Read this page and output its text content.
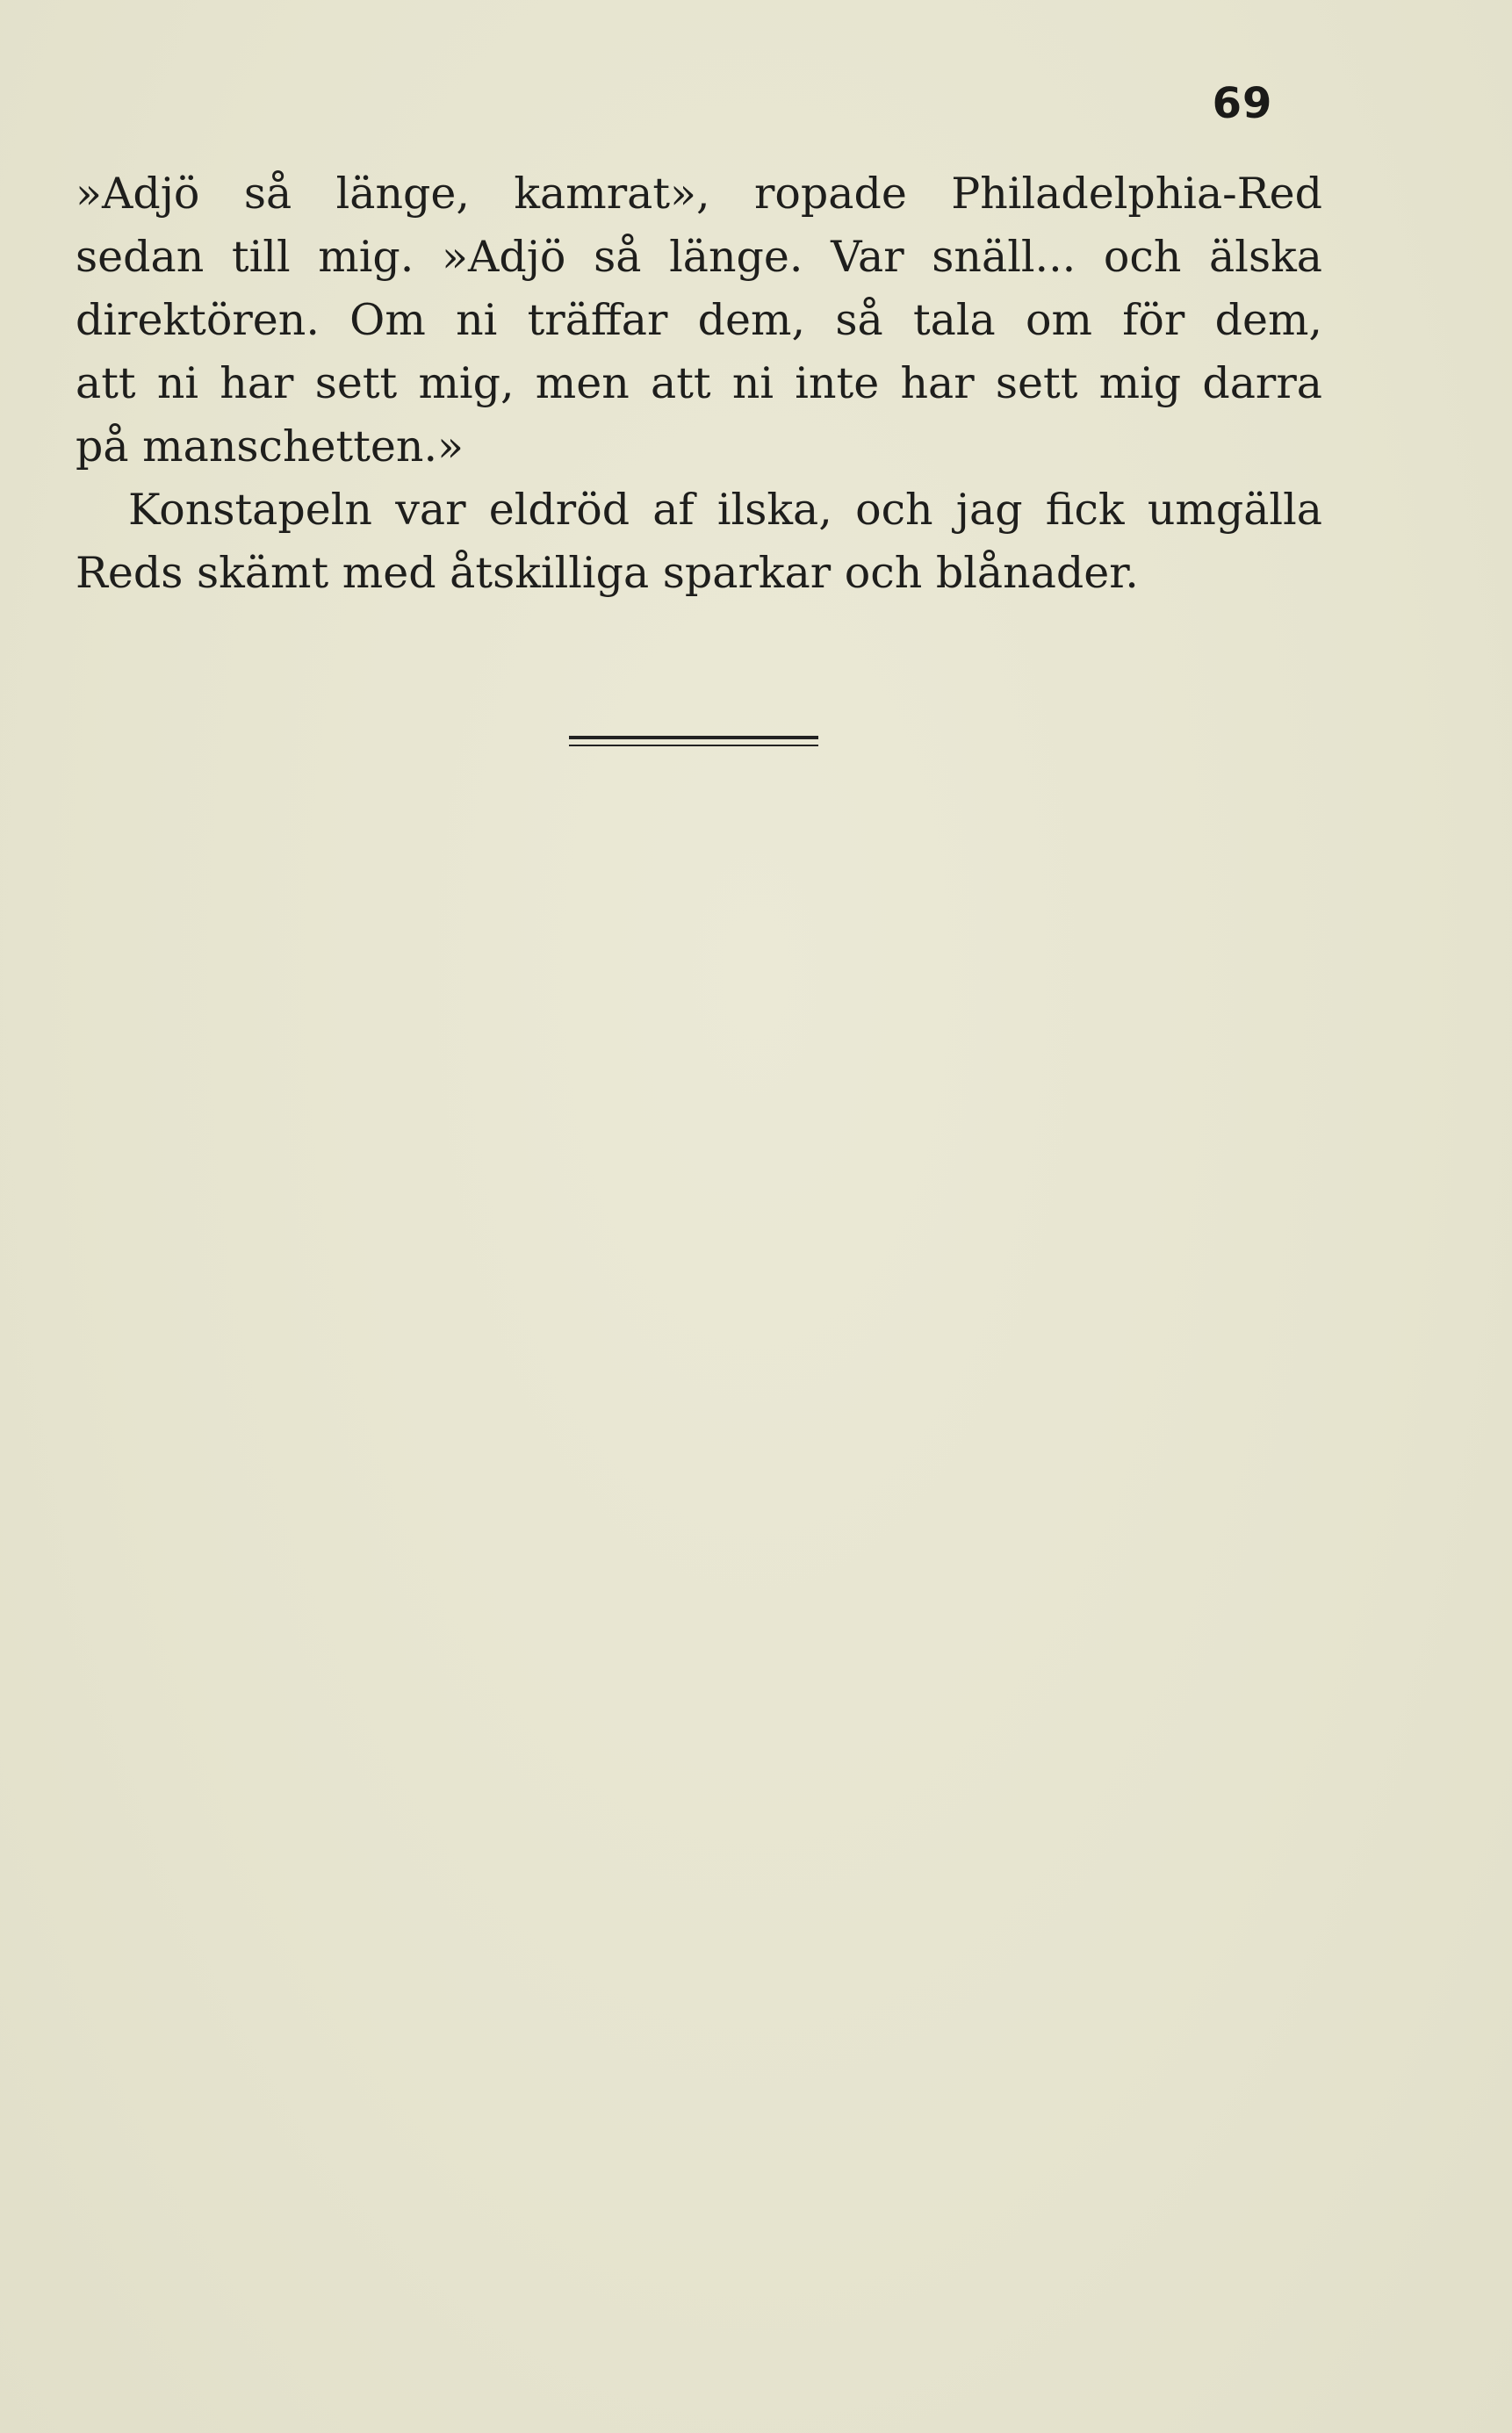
69
»Adjö så länge, kamrat», ropade Philadelphia-Red
sedan till mig. »Adjö så länge. Var snäll... och älska
direktören. Om ni träffar dem, så tala om för dem,
att ni har sett mig, men att ni inte har sett mig darra
på manschetten.»
Konstapeln var eldröd af ilska, och jag fick umgälla
Reds skämt med åtskilliga sparkar och blånader.
